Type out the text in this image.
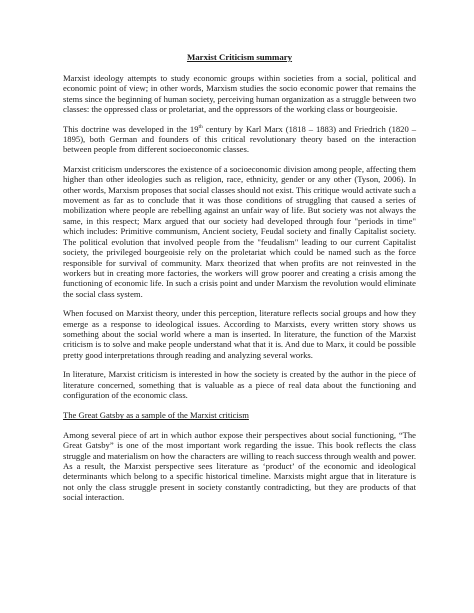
Marxist Criticism summary

Marxist ideology attempts to study economic groups within societies from a social, political and economic point of view; in other words, Marxism studies the socio economic power that remains the stems since the beginning of human society, perceiving human organization as a struggle between two classes: the oppressed class or proletariat, and the oppressors of the working class or bourgeoisie.

This doctrine was developed in the 19th century by Karl Marx (1818 – 1883) and Friedrich (1820 – 1895), both German and founders of this critical revolutionary theory based on the interaction between people from different socioeconomic classes.

Marxist criticism underscores the existence of a socioeconomic division among people, affecting them higher than other ideologies such as religion, race, ethnicity, gender or any other (Tyson, 2006). In other words, Marxism proposes that social classes should not exist. This critique would activate such a movement as far as to conclude that it was those conditions of struggling that caused a series of mobilization where people are rebelling against an unfair way of life. But society was not always the same, in this respect; Marx argued that our society had developed through four "periods in time" which includes: Primitive communism, Ancient society, Feudal society and finally Capitalist society. The political evolution that involved people from the "feudalism" leading to our current Capitalist society, the privileged bourgeoisie rely on the proletariat which could be named such as the force responsible for survival of community. Marx theorized that when profits are not reinvested in the workers but in creating more factories, the workers will grow poorer and creating a crisis among the functioning of economic life. In such a crisis point and under Marxism the revolution would eliminate the social class system.

When focused on Marxist theory, under this perception, literature reflects social groups and how they emerge as a response to ideological issues. According to Marxists, every written story shows us something about the social world where a man is inserted. In literature, the function of the Marxist criticism is to solve and make people understand what that it is. And due to Marx, it could be possible pretty good interpretations through reading and analyzing several works.

In literature, Marxist criticism is interested in how the society is created by the author in the piece of literature concerned, something that is valuable as a piece of real data about the functioning and configuration of the economic class.

The Great Gatsby as a sample of the Marxist criticism

Among several piece of art in which author expose their perspectives about social functioning, “The Great Gatsby” is one of the most important work regarding the issue. This book reflects the class struggle and materialism on how the characters are willing to reach success through wealth and power. As a result, the Marxist perspective sees literature as ‘product’ of the economic and ideological determinants which belong to a specific historical timeline. Marxists might argue that in literature is not only the class struggle present in society constantly contradicting, but they are products of that social interaction.
